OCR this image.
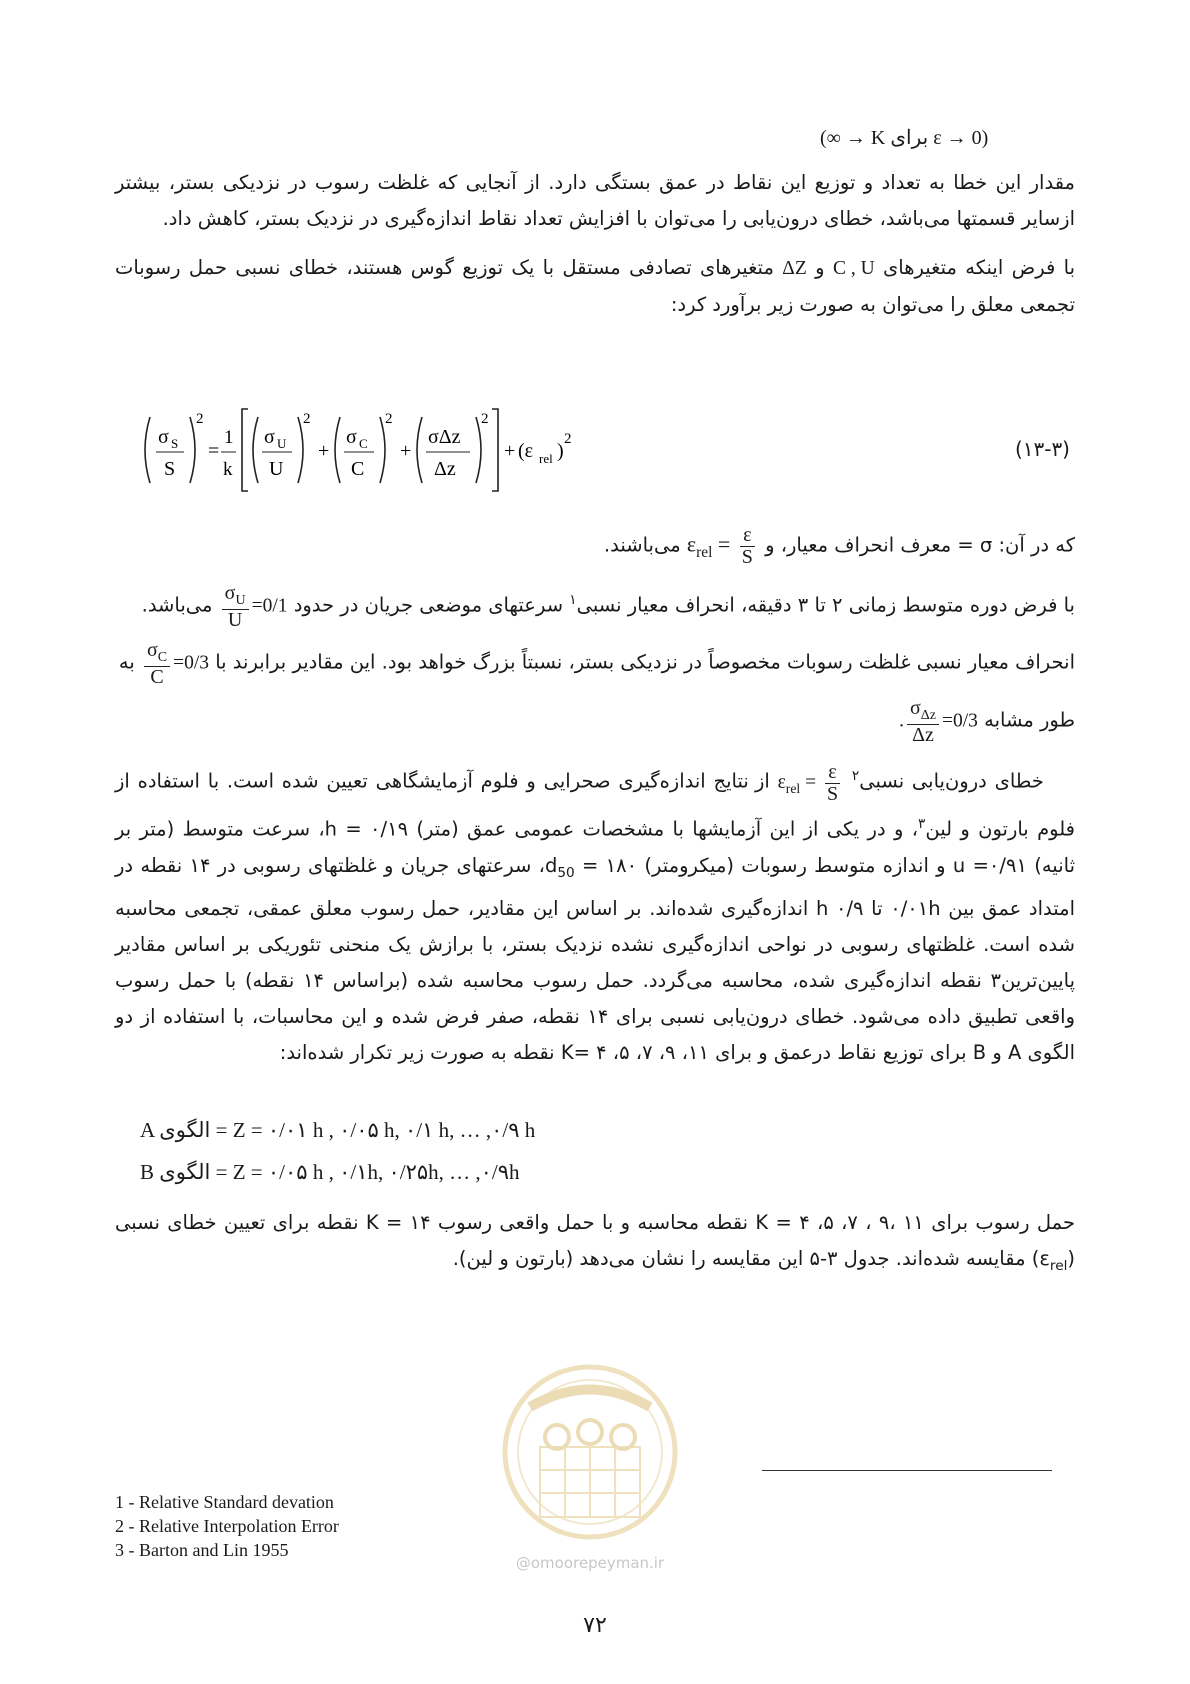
(ε → 0 برای K → ∞)
مقدار این خطا به تعداد و توزیع این نقاط در عمق بستگی دارد. از آنجایی که غلظت رسوب در نزدیکی بستر، بیشتر ازسایر قسمتها می‌باشد، خطای درون‌یابی را می‌توان با افزایش تعداد نقاط اندازه‌گیری در نزدیک بستر، کاهش داد.
با فرض اینکه متغیرهای C , U و ΔZ متغیرهای تصادفی مستقل با یک توزیع گوس هستند، خطای نسبی حمل رسوبات تجمعی معلق را می‌توان به صورت زیر برآورد کرد:
σ S
S
2
=
1
k
σ U
U
2
+
σ C
C
2
+
σΔz
Δz
2
+ (ε rel )
2	(۱۳-۳)
که در آن: σ = معرف انحراف معیار، و $\varepsilon_{rel} = \frac{\varepsilon}{S}$
می‌باشند.
با فرض دوره متوسط زمانی ۲ تا ۳ دقیقه، انحراف معیار نسبی$^۱$ سرعتهای موضعی جریان در حدود
$\frac{\sigma_U}{U} =0/1$ می‌باشد.
انحراف معیار نسبی غلظت رسوبات مخصوصاً در نزدیکی بستر، نسبتاً بزرگ خواهد بود. این مقادیر برابرند با
$\frac{\sigma_C}{C} =0/3$ به
طور مشابه . $\frac{\sigma_{\Delta z}}{\Delta z} =0/3$
خطای درون‌یابی نسبی$^۲$ $\varepsilon_{rel} = \frac{\varepsilon}{S}$
از نتایج اندازه‌گیری صحرایی و فلوم آزمایشگاهی تعیین شده است. با استفاده از فلوم بارتون و لین$^۳$، و در یکی از این آزمایشها با مشخصات عمومی عمق (متر) h = ۰/۱۹، سرعت متوسط (متر بر ثانیه) u =۰/۹۱ و اندازه متوسط رسوبات (میکرومتر) $d_{50}$ = ۱۸۰، سرعتهای جریان و غلظتهای رسوبی در ۱۴ نقطه در امتداد عمق بین ۰/۰۱h تا ۰/۹ h اندازه‌گیری شده‌اند. بر اساس این مقادیر، حمل رسوب معلق عمقی، تجمعی محاسبه شده است. غلظتهای رسوبی در نواحی اندازه‌گیری نشده نزدیک بستر، با برازش یک منحنی تئوریکی بر اساس مقادیر پایین‌ترین۳ نقطه اندازه‌گیری شده، محاسبه می‌گردد. حمل رسوب محاسبه شده (براساس ۱۴ نقطه) با حمل رسوب واقعی تطبیق داده می‌شود. خطای درون‌یابی نسبی برای ۱۴ نقطه، صفر فرض شده و این محاسبات، با استفاده از دو الگوی A و B برای توزیع نقاط درعمق و برای K= ۴ ،۵ ،۷ ،۹ ،۱۱ نقطه به صورت زیر تکرار شده‌اند:
A الگوی = Z = ۰/۰۱ h , ۰/۰۵ h, ۰/۱ h, … ,۰/۹ h
B الگوی = Z = ۰/۰۵ h , ۰/۱h, ۰/۲۵h, … ,۰/۹h
حمل رسوب برای ۱۱ ،۹ ، ۷، ۵، ۴ = K نقطه محاسبه و با حمل واقعی رسوب K = ۱۴ نقطه برای تعیین خطای نسبی $(\varepsilon_{rel})$ مقایسه شده‌اند. جدول ۳-۵ این مقایسه را نشان می‌دهد (بارتون و لین).
@omoorepeyman.ir
1 - Relative Standard devation
2 - Relative Interpolation Error
3 - Barton and Lin 1955
۷۲
